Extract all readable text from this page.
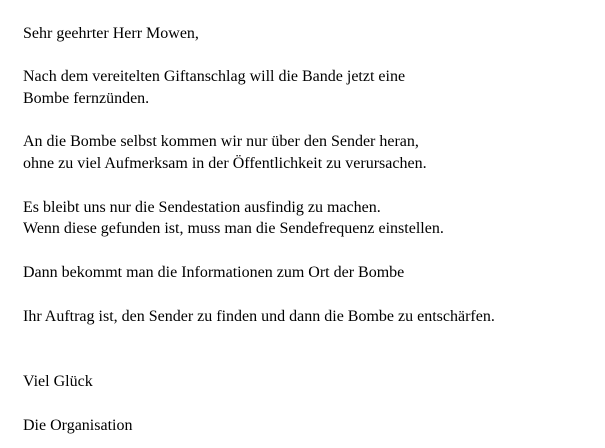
Sehr geehrter Herr Mowen,
Nach dem vereitelten Giftanschlag will die Bande jetzt eine
Bombe fernzünden.
An die Bombe selbst kommen wir nur über den Sender heran,
ohne zu viel Aufmerksam in der Öffentlichkeit zu verursachen.
Es bleibt uns nur die Sendestation ausfindig zu machen.
Wenn diese gefunden ist, muss man die Sendefrequenz einstellen.
Dann bekommt man die Informationen zum Ort der Bombe
Ihr Auftrag ist, den Sender zu finden und dann die Bombe zu entschärfen.
Viel Glück
Die Organisation
